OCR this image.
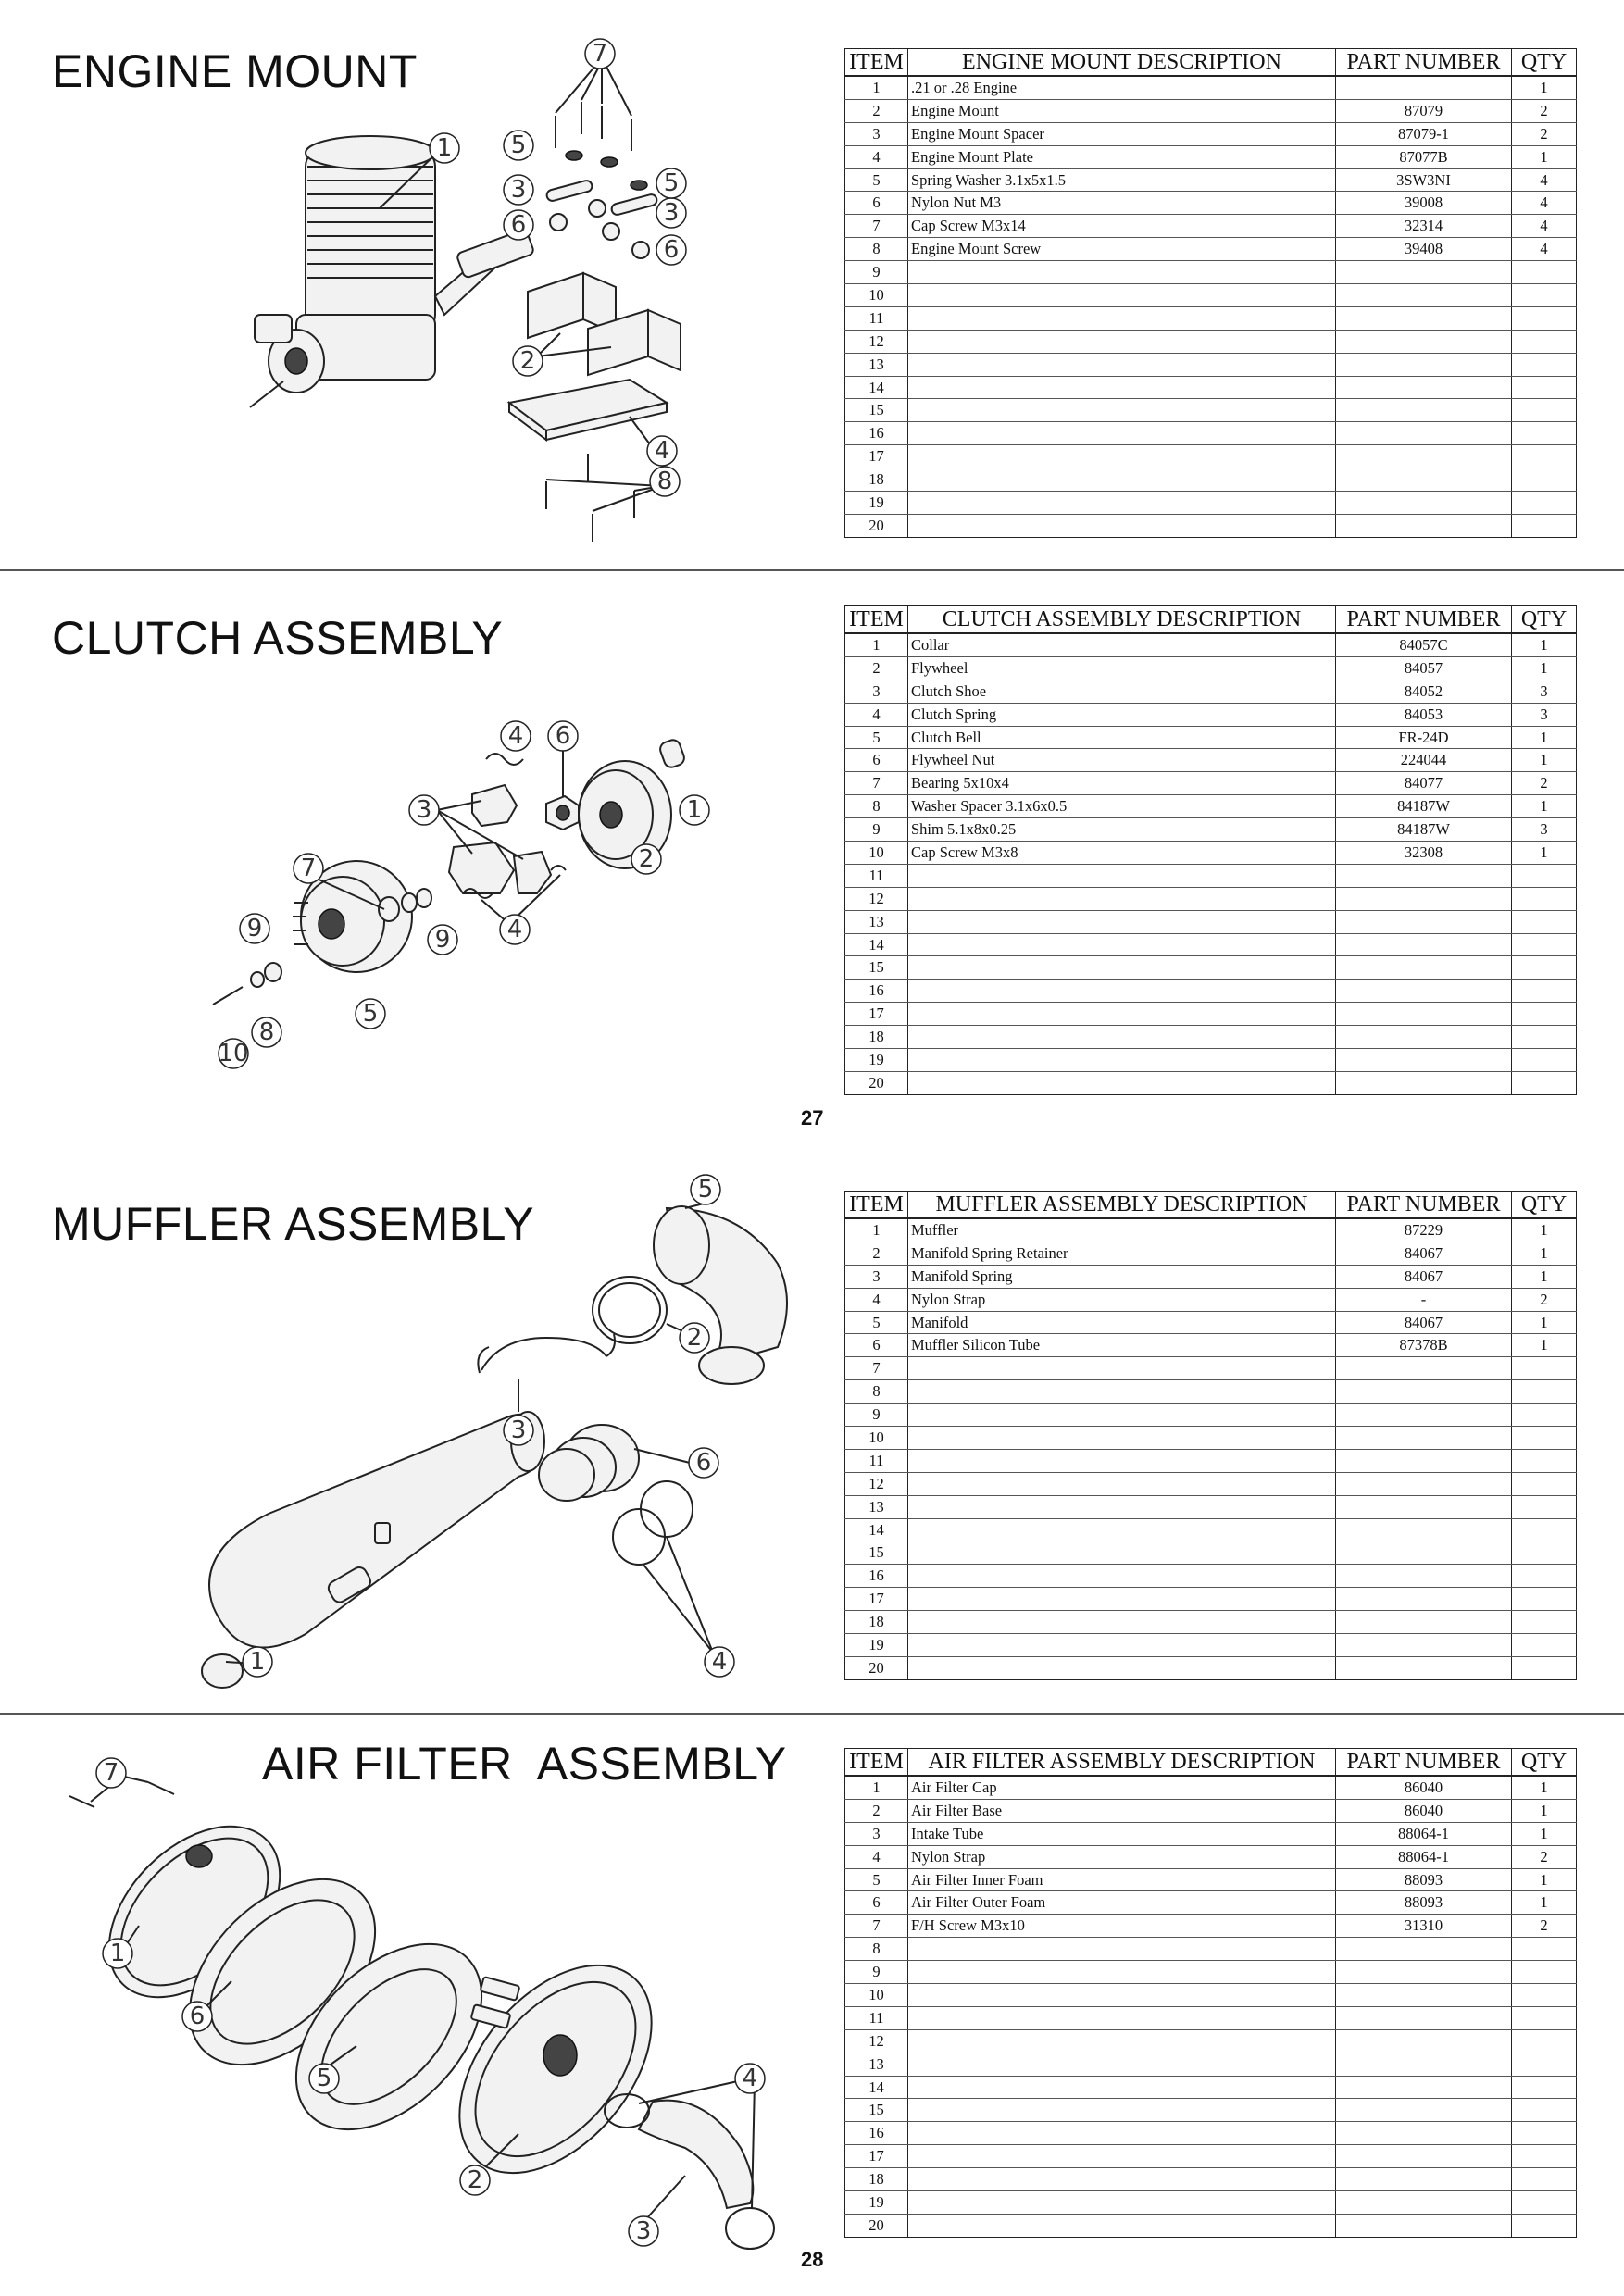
ENGINE MOUNT
1
2
3
3
4
5
5
6
6
7
8
ITEM	ENGINE MOUNT DESCRIPTION	PART NUMBER	QTY
1	.21 or .28 Engine		1
2	Engine Mount	87079	2
3	Engine Mount Spacer	87079-1	2
4	Engine Mount Plate	87077B	1
5	Spring Washer 3.1x5x1.5	3SW3NI	4
6	Nylon Nut M3	39008	4
7	Cap Screw M3x14	32314	4
8	Engine Mount Screw	39408	4
9			
10			
11			
12			
13			
14			
15			
16			
17			
18			
19			
20			
CLUTCH ASSEMBLY
1
2
3
4
4
5
6
7
8
9	9
10
ITEM	CLUTCH ASSEMBLY DESCRIPTION	PART NUMBER	QTY
1	Collar	84057C	1
2	Flywheel	84057	1
3	Clutch Shoe	84052	3
4	Clutch Spring	84053	3
5	Clutch Bell	FR-24D	1
6	Flywheel Nut	224044	1
7	Bearing 5x10x4	84077	2
8	Washer Spacer 3.1x6x0.5	84187W	1
9	Shim 5.1x8x0.25	84187W	3
10	Cap Screw M3x8	32308	1
11			
12			
13			
14			
15			
16			
17			
18			
19			
20			
27
MUFFLER ASSEMBLY
1
2
3
4
5
6
ITEM	MUFFLER ASSEMBLY DESCRIPTION	PART NUMBER	QTY
1	Muffler	87229	1
2	Manifold Spring Retainer	84067	1
3	Manifold Spring	84067	1
4	Nylon Strap	-	2
5	Manifold	84067	1
6	Muffler Silicon Tube	87378B	1
7			
8			
9			
10			
11			
12			
13			
14			
15			
16			
17			
18			
19			
20			
AIR FILTER  ASSEMBLY
7
1
6
5
2
3
4
ITEM	AIR FILTER ASSEMBLY DESCRIPTION	PART NUMBER	QTY
1	Air Filter Cap	86040	1
2	Air Filter Base	86040	1
3	Intake Tube	88064-1	1
4	Nylon Strap	88064-1	2
5	Air Filter Inner Foam	88093	1
6	Air Filter Outer Foam	88093	1
7	F/H Screw M3x10	31310	2
8			
9			
10			
11			
12			
13			
14			
15			
16			
17			
18			
19			
20			
28
